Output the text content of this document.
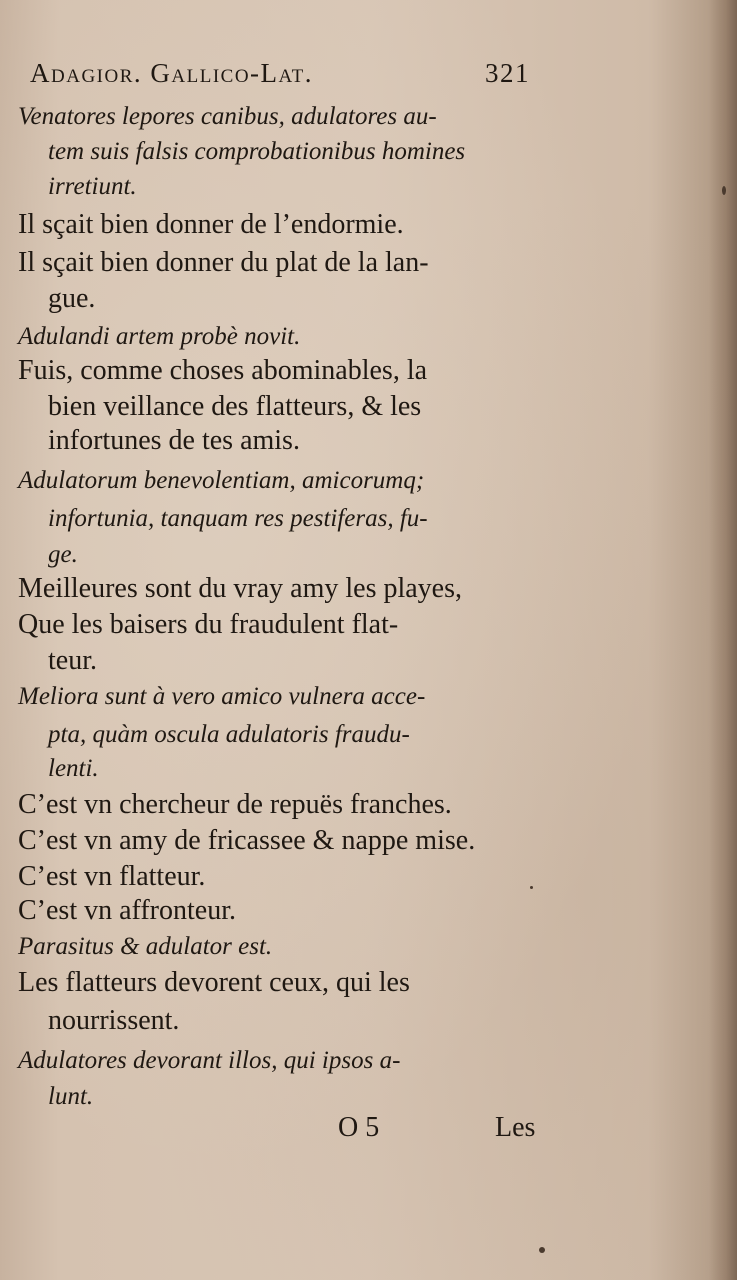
Adagior. Gallico-Lat.	321
Venatores lepores canibus, adulatores au-
tem suis falsis comprobationibus homines
irretiunt.
Il sçait bien donner de l’endormie.
Il sçait bien donner du plat de la lan-
gue.
Adulandi artem probè novit.
Fuis, comme choses abominables, la
bien veillance des flatteurs, & les
infortunes de tes amis.
Adulatorum benevolentiam, amicorumq;
infortunia, tanquam res pestiferas, fu-
ge.
Meilleures sont du vray amy les playes,
Que les baisers du fraudulent flat-
teur.
Meliora sunt à vero amico vulnera acce-
pta, quàm oscula adulatoris fraudu-
lenti.
C’est vn chercheur de repuës franches.
C’est vn amy de fricassee & nappe mise.
C’est vn flatteur.
C’est vn affronteur.
Parasitus & adulator est.
Les flatteurs devorent ceux, qui les
nourrissent.
Adulatores devorant illos, qui ipsos a-
lunt.
O 5	Les
